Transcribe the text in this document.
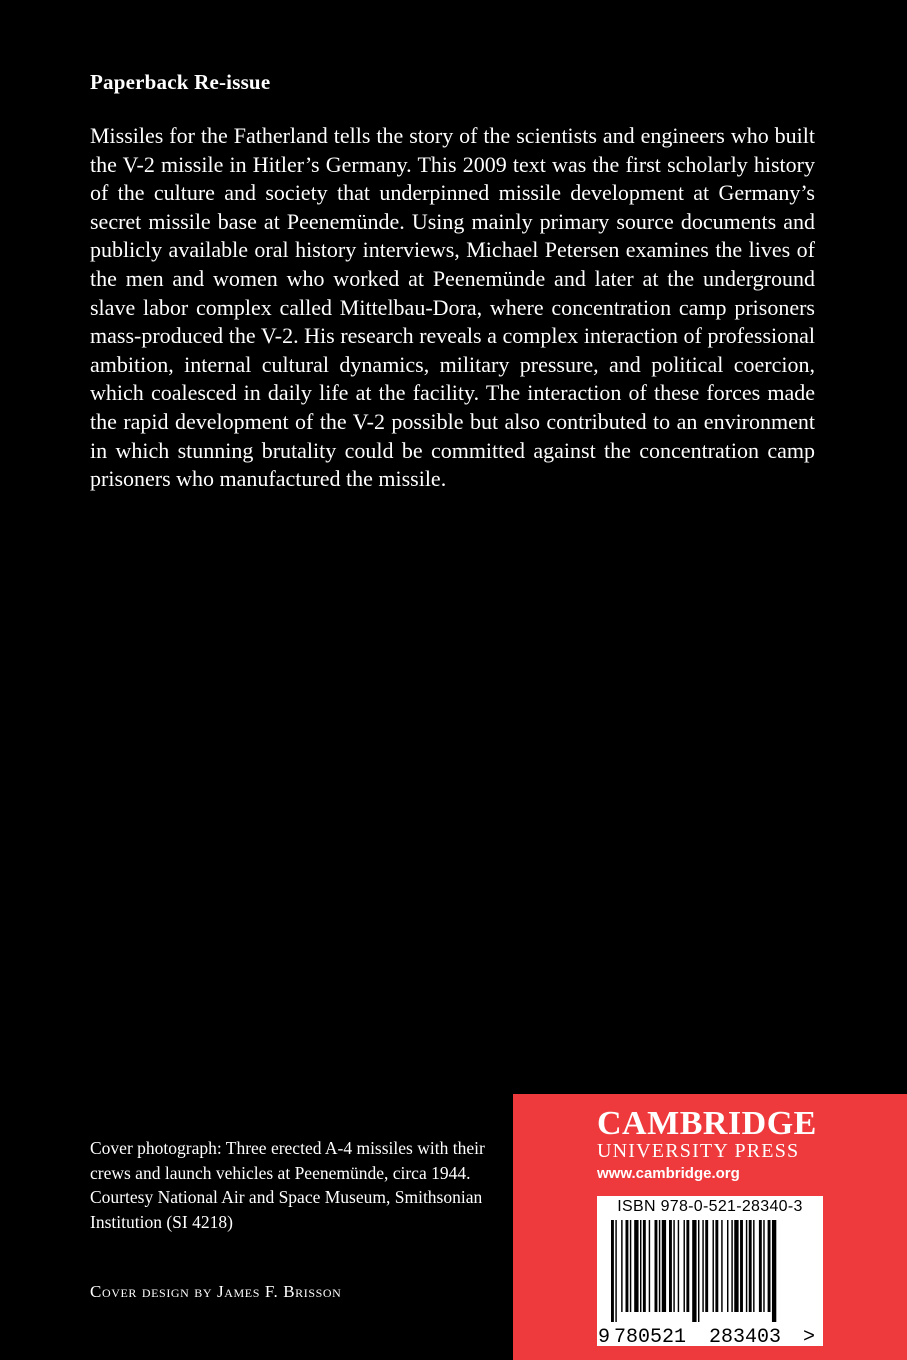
Paperback Re-issue
Missiles for the Fatherland tells the story of the scientists and engineers who built the V-2 missile in Hitler’s Germany. This 2009 text was the first scholarly history of the culture and society that underpinned missile development at Germany’s secret missile base at Peenemünde. Using mainly primary source documents and publicly available oral history interviews, Michael Petersen examines the lives of the men and women who worked at Peenemünde and later at the underground slave labor complex called Mittelbau-Dora, where concentration camp prisoners mass-produced the V-2. His research reveals a complex interaction of professional ambition, internal cultural dynamics, military pressure, and political coercion, which coalesced in daily life at the facility. The interaction of these forces made the rapid development of the V-2 possible but also contributed to an environment in which stunning brutality could be committed against the concentration camp prisoners who manufactured the missile.
Cover photograph: Three erected A-4 missiles with their crews and launch vehicles at Peenemünde, circa 1944. Courtesy National Air and Space Museum, Smithsonian Institution (SI 4218)
Cover design by James F. Brisson
CAMBRIDGE
UNIVERSITY PRESS
www.cambridge.org
ISBN 978-0-521-28340-3
9 780521 283403 >
